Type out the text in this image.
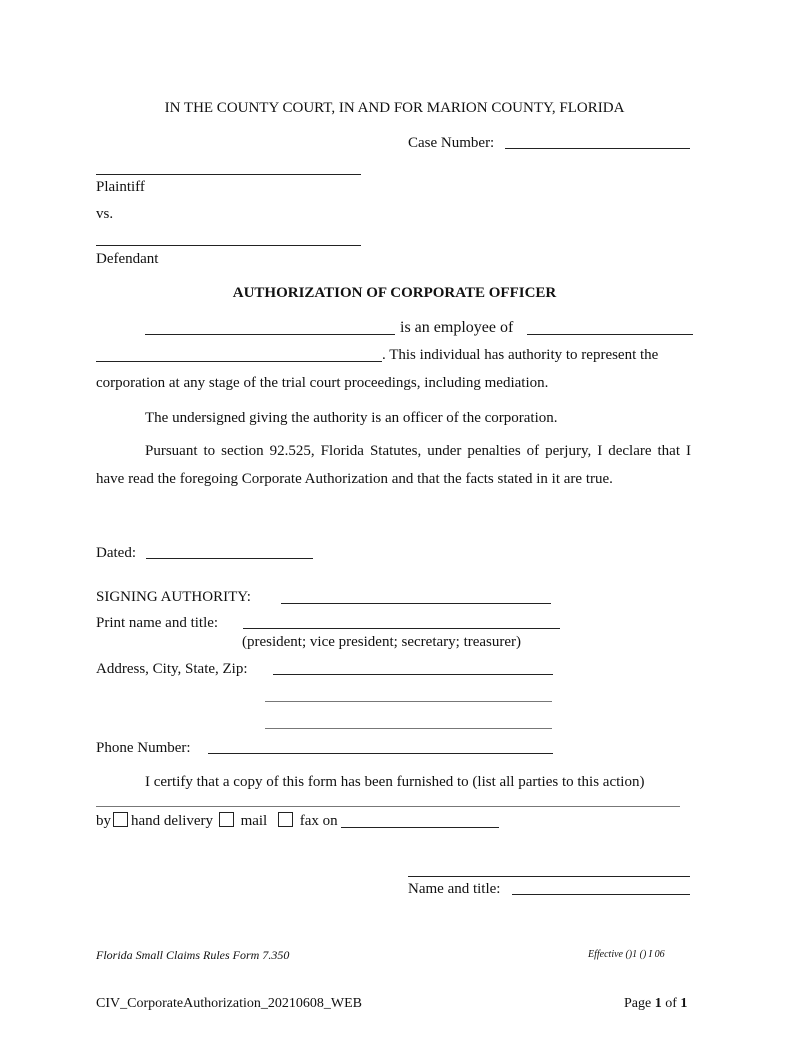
IN THE COUNTY COURT, IN AND FOR MARION COUNTY, FLORIDA
Case Number:
Plaintiff
vs.
Defendant
AUTHORIZATION OF CORPORATE OFFICER
is an employee of
. This individual has authority to represent the
corporation at any stage of the trial court proceedings, including mediation.
The undersigned giving the authority is an officer of the corporation.
Pursuant to section 92.525, Florida Statutes, under penalties of perjury, I declare that I have read the foregoing Corporate Authorization and that the facts stated in it are true.
Dated:
SIGNING AUTHORITY:
Print name and title:
(president; vice president; secretary; treasurer)
Address, City, State, Zip:
Phone Number:
I certify that a copy of this form has been furnished to (list all parties to this action)
by hand delivery mail fax on
Name and title:
Florida Small Claims Rules Form 7.350	Effective ()1 () I 06
CIV_CorporateAuthorization_20210608_WEB	Page 1 of 1
